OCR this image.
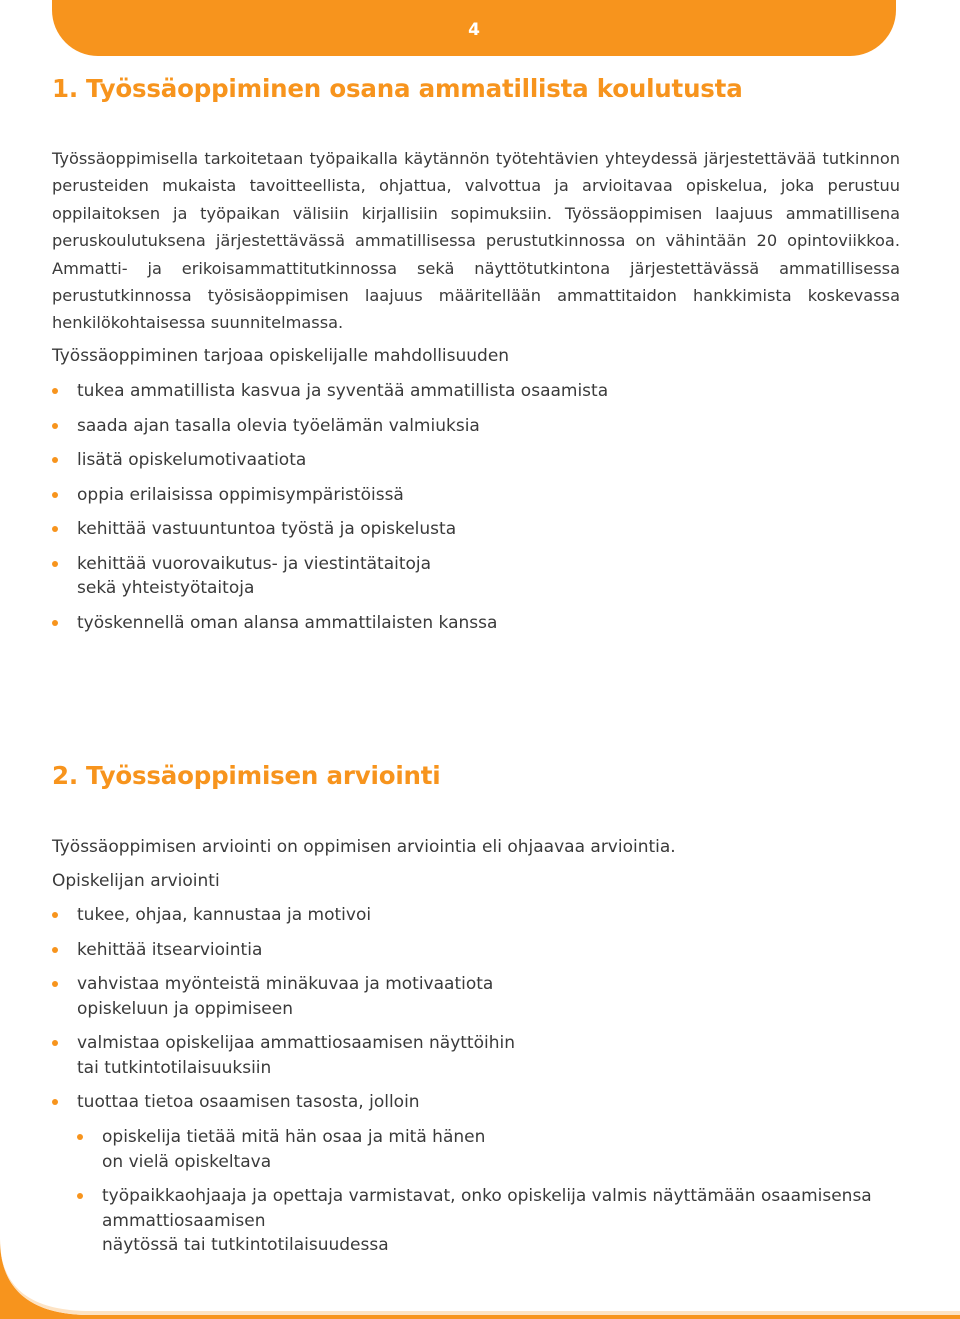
4
1. Työssäoppiminen osana ammatillista koulutusta
Työssäoppimisella tarkoitetaan työpaikalla käytännön työtehtävien yhteydessä järjestettävää tutkinnon perusteiden mukaista tavoitteellista, ohjattua, valvottua ja arvioitavaa opiskelua, joka perustuu oppilaitoksen ja työpaikan välisiin kirjallisiin sopimuksiin. Työssäoppimisen laajuus ammatillisena peruskoulutuksena järjestettävässä ammatillisessa perustutkinnossa on vähintään 20 opintoviikkoa. Ammatti- ja erikoisammattitutkinnossa sekä näyttötutkintona järjestettävässä ammatillisessa perustutkinnossa työsisäoppimisen laajuus määritellään ammattitaidon hankkimista koskevassa henkilökohtaisessa suunnitelmassa.
Työssäoppiminen tarjoaa opiskelijalle mahdollisuuden
tukea ammatillista kasvua ja syventää ammatillista osaamista
saada ajan tasalla olevia työelämän valmiuksia
lisätä opiskelumotivaatiota
oppia erilaisissa oppimisympäristöissä
kehittää vastuuntuntoa työstä ja opiskelusta
kehittää vuorovaikutus- ja viestintätaitoja
sekä yhteistyötaitoja
työskennellä oman alansa ammattilaisten kanssa
2. Työssäoppimisen arviointi
Työssäoppimisen arviointi on oppimisen arviointia eli ohjaavaa arviointia.
Opiskelijan arviointi
tukee, ohjaa, kannustaa ja motivoi
kehittää itsearviointia
vahvistaa myönteistä minäkuvaa ja motivaatiota
opiskeluun ja oppimiseen
valmistaa opiskelijaa ammattiosaamisen näyttöihin
tai tutkintotilaisuuksiin
tuottaa tietoa osaamisen tasosta, jolloin
opiskelija tietää mitä hän osaa ja mitä hänen
on vielä opiskeltava
työpaikkaohjaaja ja opettaja varmistavat, onko opiskelija valmis näyttämään osaamisensa ammattiosaamisen
näytössä tai tutkintotilaisuudessa
